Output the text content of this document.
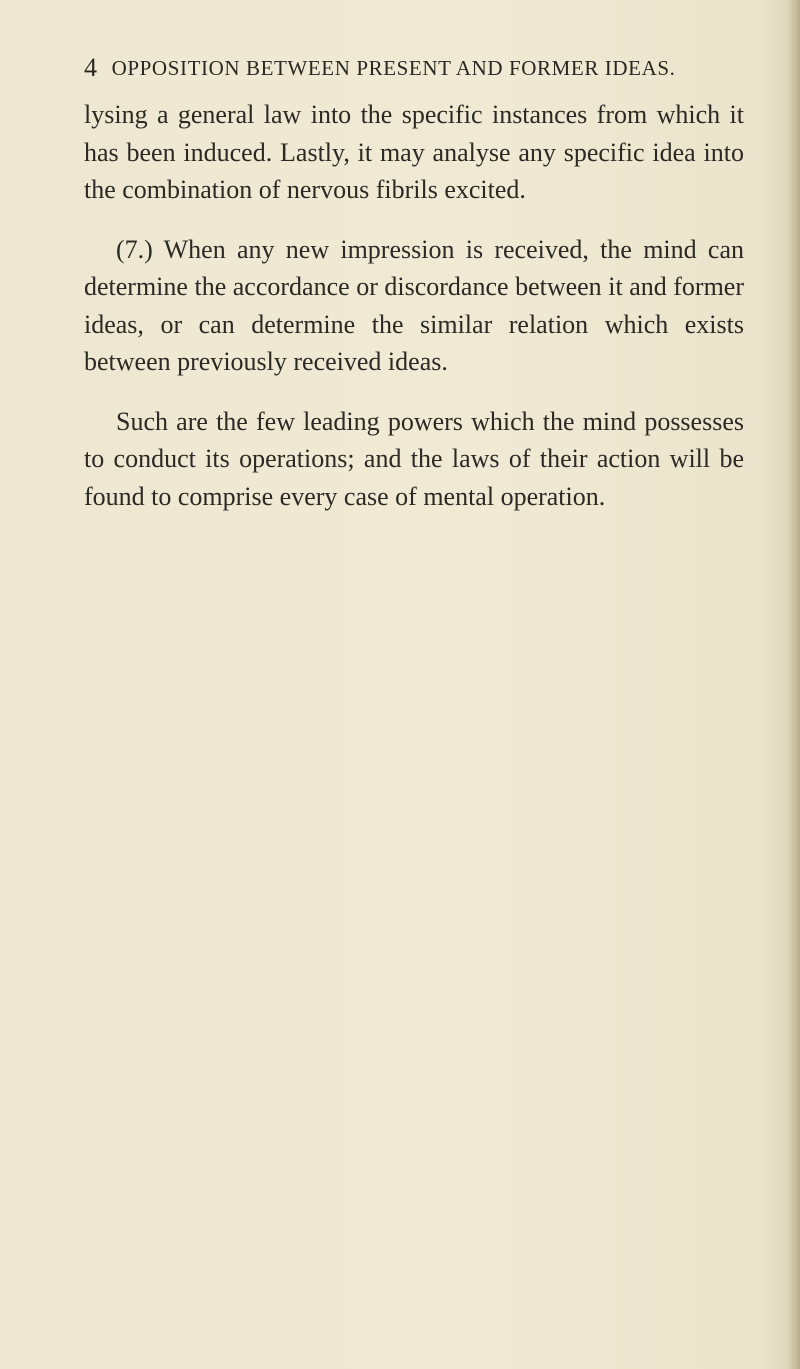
4 OPPOSITION BETWEEN PRESENT AND FORMER IDEAS.

lysing a general law into the specific instances from which it has been induced. Lastly, it may analyse any specific idea into the combination of nervous fibrils excited.

(7.) When any new impression is received, the mind can determine the accordance or discordance between it and former ideas, or can determine the similar relation which exists between previously received ideas.

Such are the few leading powers which the mind possesses to conduct its operations; and the laws of their action will be found to comprise every case of mental operation.
